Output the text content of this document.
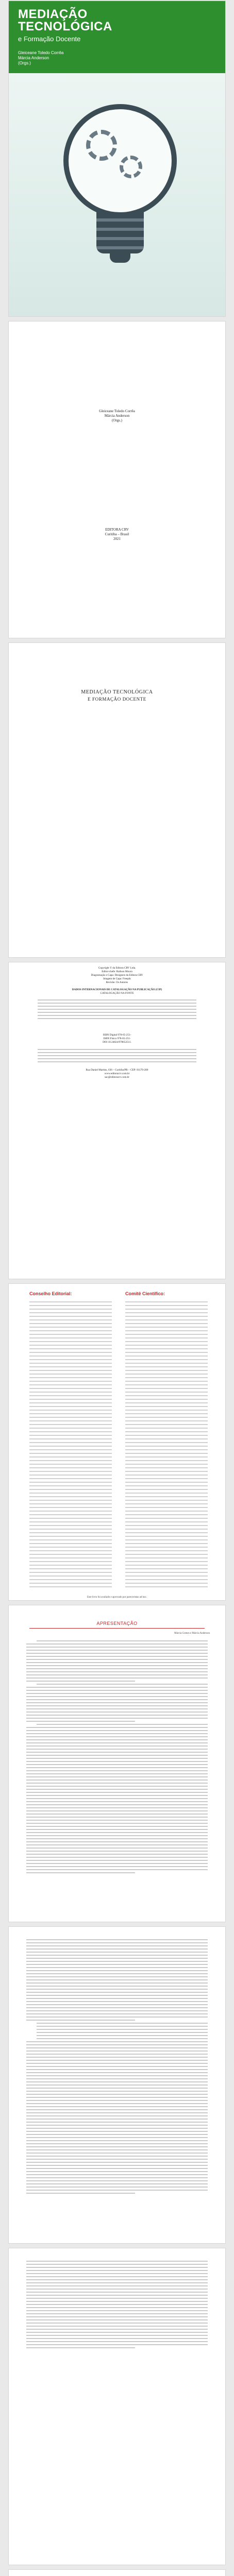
MEDIAÇÃO
TECNOLÓGICA
e Formação Docente
Gleiceane Toledo Corrêa
Márcia Anderson
(Orgs.)
Gleiceane Toledo Corrêa
Márcia Anderson
(Orgs.)
EDITORA CRV
Curitiba – Brasil
2021
MEDIAÇÃO TECNOLÓGICA
E FORMAÇÃO DOCENTE
Copyright © da Editora CRV Ltda.
Editor-chefe: Railson Moura
Diagramação e Capa: Designers da Editora CRV
Imagem de Capa: Freepik
Revisão: Os Autores
DADOS INTERNACIONAIS DE CATALOGAÇÃO NA PUBLICAÇÃO (CIP)
CATALOGAÇÃO NA FONTE
ISBN Digital 978-65-251-
ISBN Físico 978-65-251-
DOI 10.24824/978652511.
Rua Daniel Martins, 636 – Curitiba/PR – CEP: 81170-200
www.editoracrv.com.br
sac@editoracrv.com.br
Conselho Editorial:	Comitê Científico:
Este livro foi avaliado e aprovado por pareceristas ad hoc.
APRESENTAÇÃO
Márcia Gomes e Márcia Anderson
